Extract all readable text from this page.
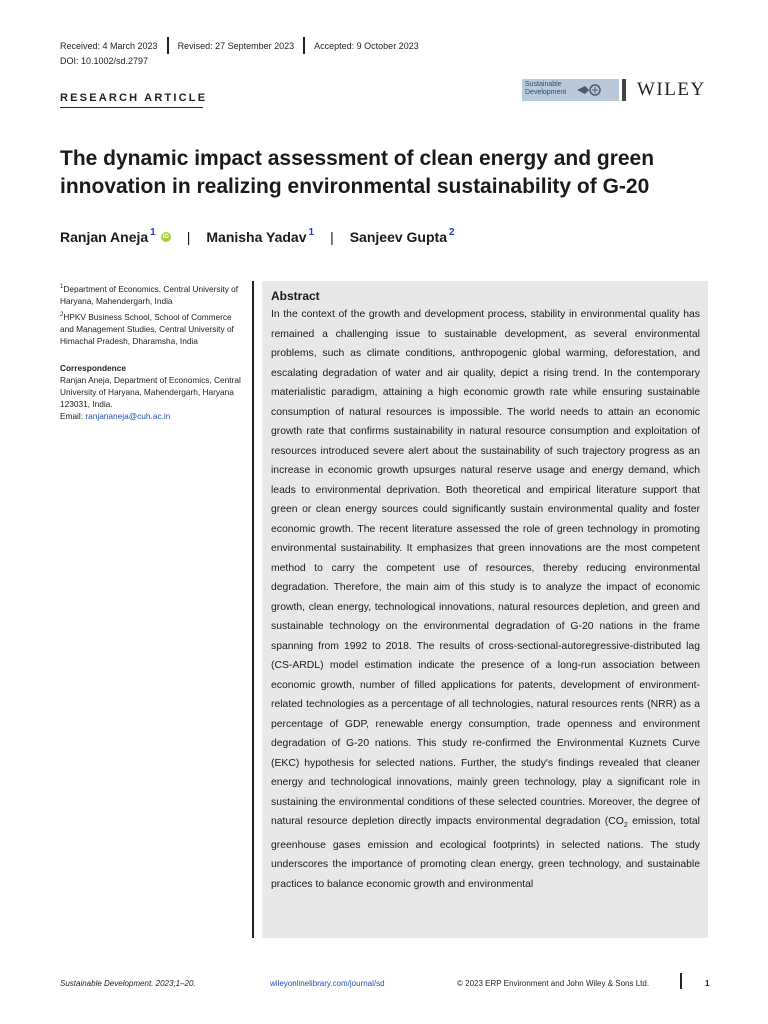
Received: 4 March 2023 Revised: 27 September 2023 Accepted: 9 October 2023
DOI: 10.1002/sd.2797
RESEARCH ARTICLE
Sustainable
Development	WILEY
The dynamic impact assessment of clean energy and green innovation in realizing environmental sustainability of G-20
Ranjan Aneja$^1$	iD | Manisha Yadav$^1$ | Sanjeev Gupta$^2$
$^1$Department of Economics, Central University of Haryana, Mahendergarh, India
$^2$HPKV Business School, School of Commerce and Management Studies, Central University of Himachal Pradesh, Dharamsha, India
Correspondence
Ranjan Aneja, Department of Economics, Central University of Haryana, Mahendergarh, Haryana 123031, India.
Email: ranjananeja@cuh.ac.in
Abstract
In the context of the growth and development process, stability in environmental quality has remained a challenging issue to sustainable development, as several environmental problems, such as climate conditions, anthropogenic global warming, deforestation, and escalating degradation of water and air quality, depict a rising trend. In the contemporary materialistic paradigm, attaining a high economic growth rate while ensuring sustainable consumption of natural resources is impossible. The world needs to attain an economic growth rate that confirms sustainability in natural resource consumption and exploitation of resources introduced severe alert about the sustainability of such trajectory progress as an increase in economic growth upsurges natural reserve usage and energy demand, which leads to environmental deprivation. Both theoretical and empirical literature support that green or clean energy sources could significantly sustain environmental quality and foster economic growth. The recent literature assessed the role of green technology in promoting environmental sustainability. It emphasizes that green innovations are the most competent method to carry the competent use of resources, thereby reducing environmental degradation. Therefore, the main aim of this study is to analyze the impact of economic growth, clean energy, technological innovations, natural resources depletion, and green and sustainable technology on the environmental degradation of G-20 nations in the frame spanning from 1992 to 2018. The results of cross-sectional-autoregressive-distributed lag (CS-ARDL) model estimation indicate the presence of a long-run association between economic growth, number of filled applications for patents, development of environment-related technologies as a percentage of all technologies, natural resources rents (NRR) as a percentage of GDP, renewable energy consumption, trade openness and environment degradation of G-20 nations. This study re-confirmed the Environmental Kuznets Curve (EKC) hypothesis for selected nations. Further, the study's findings revealed that cleaner energy and technological innovations, mainly green technology, play a significant role in sustaining the environmental conditions of these selected countries. Moreover, the degree of natural resource depletion directly impacts environmental degradation ($CO_2$ emission, total greenhouse gases emission and ecological footprints) in selected nations. The study underscores the importance of promoting clean energy, green technology, and sustainable practices to balance economic growth and environmental
Sustainable Development. 2023;1–20.	wileyonlinelibrary.com/journal/sd	© 2023 ERP Environment and John Wiley & Sons Ltd.	1
